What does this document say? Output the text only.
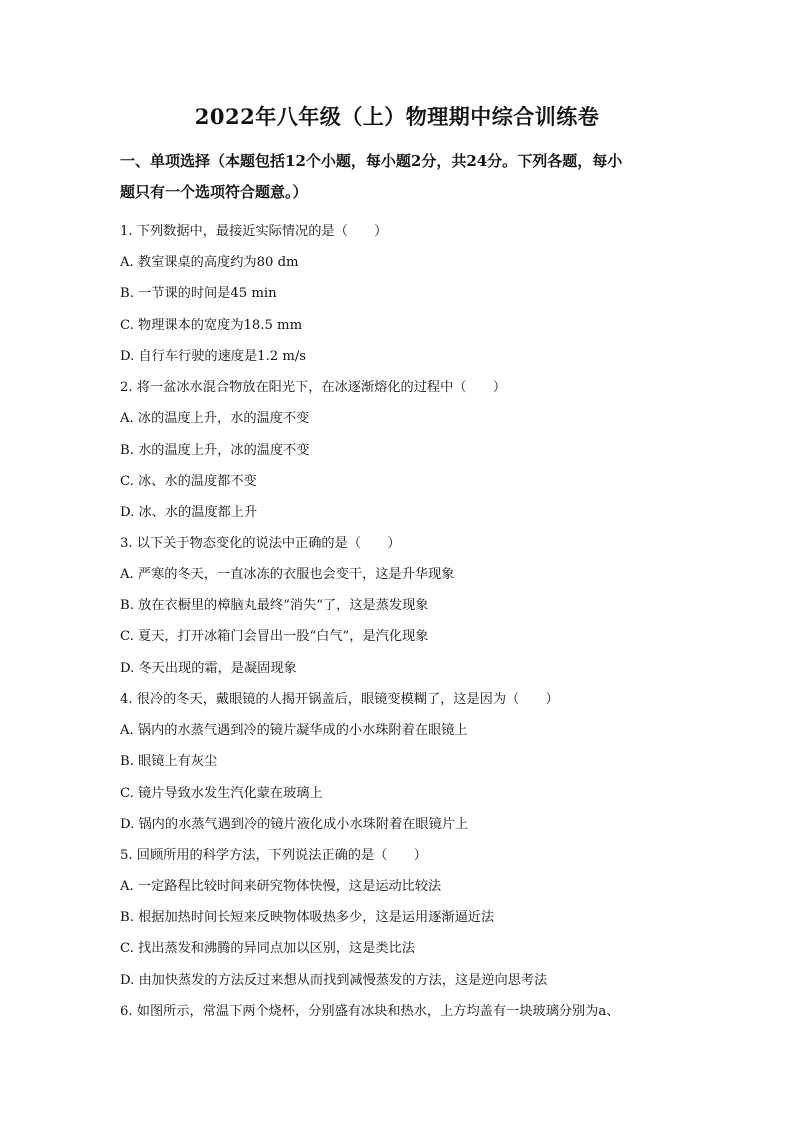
2022年八年级（上）物理期中综合训练卷
一、单项选择（本题包括12个小题，每小题2分，共24分。下列各题，每小
题只有一个选项符合题意。）
1. 下列数据中，最接近实际情况的是（　　）
A. 教室课桌的高度约为80 dm
B. 一节课的时间是45 min
C. 物理课本的宽度为18.5 mm
D. 自行车行驶的速度是1.2 m/s
2. 将一盆冰水混合物放在阳光下，在冰逐渐熔化的过程中（　　）
A. 冰的温度上升，水的温度不变
B. 水的温度上升，冰的温度不变
C. 冰、水的温度都不变
D. 冰、水的温度都上升
3. 以下关于物态变化的说法中正确的是（　　）
A. 严寒的冬天，一直冰冻的衣服也会变干，这是升华现象
B. 放在衣橱里的樟脑丸最终“消失“了，这是蒸发现象
C. 夏天，打开冰箱门会冒出一股“白气”，是汽化现象
D. 冬天出现的霜，是凝固现象
4. 很冷的冬天，戴眼镜的人揭开锅盖后，眼镜变模糊了，这是因为（　　）
A. 锅内的水蒸气遇到冷的镜片凝华成的小水珠附着在眼镜上
B. 眼镜上有灰尘
C. 镜片导致水发生汽化蒙在玻璃上
D. 锅内的水蒸气遇到冷的镜片液化成小水珠附着在眼镜片上
5. 回顾所用的科学方法，下列说法正确的是（　　）
A. 一定路程比较时间来研究物体快慢，这是运动比较法
B. 根据加热时间长短来反映物体吸热多少，这是运用逐渐逼近法
C. 找出蒸发和沸腾的异同点加以区别，这是类比法
D. 由加快蒸发的方法反过来想从而找到减慢蒸发的方法，这是逆向思考法
6. 如图所示，常温下两个烧杯，分别盛有冰块和热水，上方均盖有一块玻璃分别为a、
